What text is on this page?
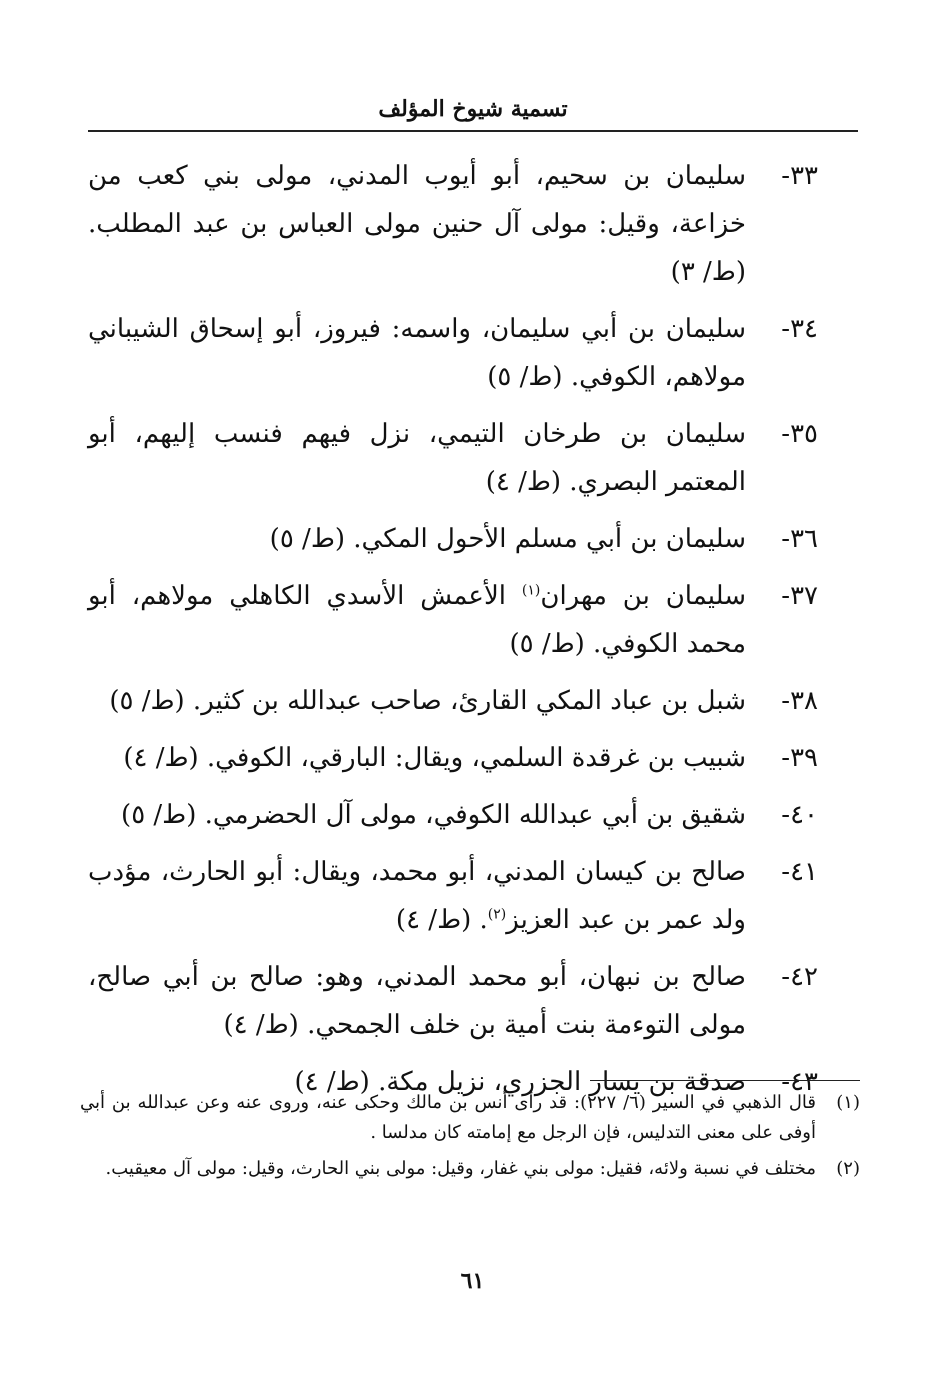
تسمية شيوخ المؤلف
٣٣-
سليمان بن سحيم، أبو أيوب المدني، مولى بني كعب من خزاعة، وقيل: مولى آل حنين مولى العباس بن عبد المطلب. (ط/ ٣)
٣٤-
سليمان بن أبي سليمان، واسمه: فيروز، أبو إسحاق الشيباني مولاهم، الكوفي. (ط/ ٥)
٣٥-
سليمان بن طرخان التيمي، نزل فيهم فنسب إليهم، أبو المعتمر البصري. (ط/ ٤)
٣٦-
سليمان بن أبي مسلم الأحول المكي. (ط/ ٥)
٣٧-
سليمان بن مهران$^{(١)}$ الأعمش الأسدي الكاهلي مولاهم، أبو محمد الكوفي. (ط/ ٥)
٣٨-
شبل بن عباد المكي القارئ، صاحب عبدالله بن كثير. (ط/ ٥)
٣٩-
شبيب بن غرقدة السلمي، ويقال: البارقي، الكوفي. (ط/ ٤)
٤٠-
شقيق بن أبي عبدالله الكوفي، مولى آل الحضرمي. (ط/ ٥)
٤١-
صالح بن كيسان المدني، أبو محمد، ويقال: أبو الحارث، مؤدب ولد عمر بن عبد العزيز$^{(٢)}$. (ط/ ٤)
٤٢-
صالح بن نبهان، أبو محمد المدني، وهو: صالح بن أبي صالح، مولى التوءمة بنت أمية بن خلف الجمحي. (ط/ ٤)
٤٣-
صدقة بن يسار الجزري، نزيل مكة. (ط/ ٤)
(١)
قال الذهبي في السير (٦/ ٢٢٧): قد رأى أنس بن مالك وحكى عنه، وروى عنه وعن عبدالله بن أبي أوفى على معنى التدليس، فإن الرجل مع إمامته كان مدلسا .
(٢)
مختلف في نسبة ولائه، فقيل: مولى بني غفار، وقيل: مولى بني الحارث، وقيل: مولى آل معيقيب.
٦١
